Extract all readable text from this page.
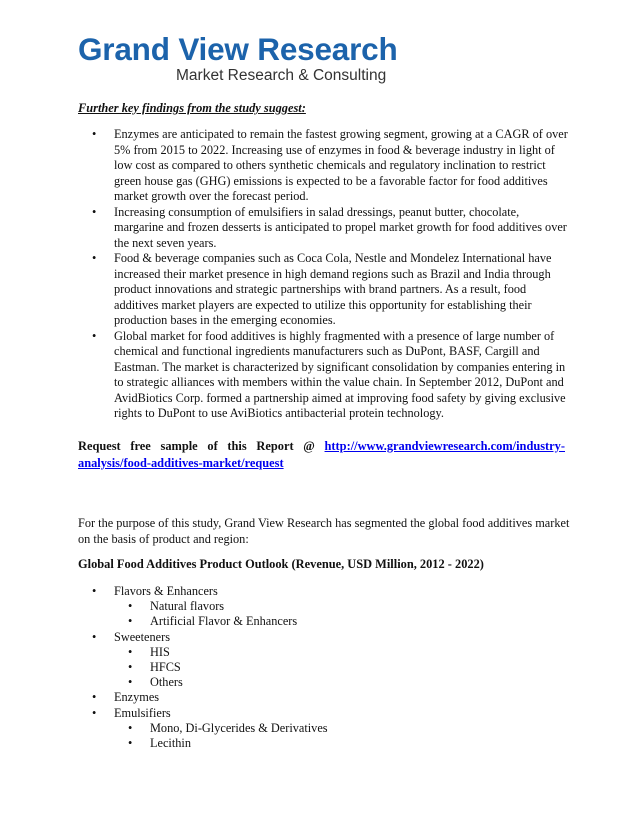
Grand View Research
Market Research & Consulting
Further key findings from the study suggest:
• Enzymes are anticipated to remain the fastest growing segment, growing at a CAGR of over 5% from 2015 to 2022. Increasing use of enzymes in food & beverage industry in light of low cost as compared to others synthetic chemicals and regulatory inclination to restrict green house gas (GHG) emissions is expected to be a favorable factor for food additives market growth over the forecast period.
• Increasing consumption of emulsifiers in salad dressings, peanut butter, chocolate, margarine and frozen desserts is anticipated to propel market growth for food additives over the next seven years.
• Food & beverage companies such as Coca Cola, Nestle and Mondelez International have increased their market presence in high demand regions such as Brazil and India through product innovations and strategic partnerships with brand partners. As a result, food additives market players are expected to utilize this opportunity for establishing their production bases in the emerging economies.
• Global market for food additives is highly fragmented with a presence of large number of chemical and functional ingredients manufacturers such as DuPont, BASF, Cargill and Eastman. The market is characterized by significant consolidation by companies entering in to strategic alliances with members within the value chain. In September 2012, DuPont and AvidBiotics Corp. formed a partnership aimed at improving food safety by giving exclusive rights to DuPont to use AviBiotics antibacterial protein technology.
Request free sample of this Report @ http://www.grandviewresearch.com/industry-analysis/food-additives-market/request
For the purpose of this study, Grand View Research has segmented the global food additives market on the basis of product and region:
Global Food Additives Product Outlook (Revenue, USD Million, 2012 - 2022)
• Flavors & Enhancers
• Natural flavors
• Artificial Flavor & Enhancers
• Sweeteners
• HIS
• HFCS
• Others
• Enzymes
• Emulsifiers
• Mono, Di-Glycerides & Derivatives
• Lecithin
